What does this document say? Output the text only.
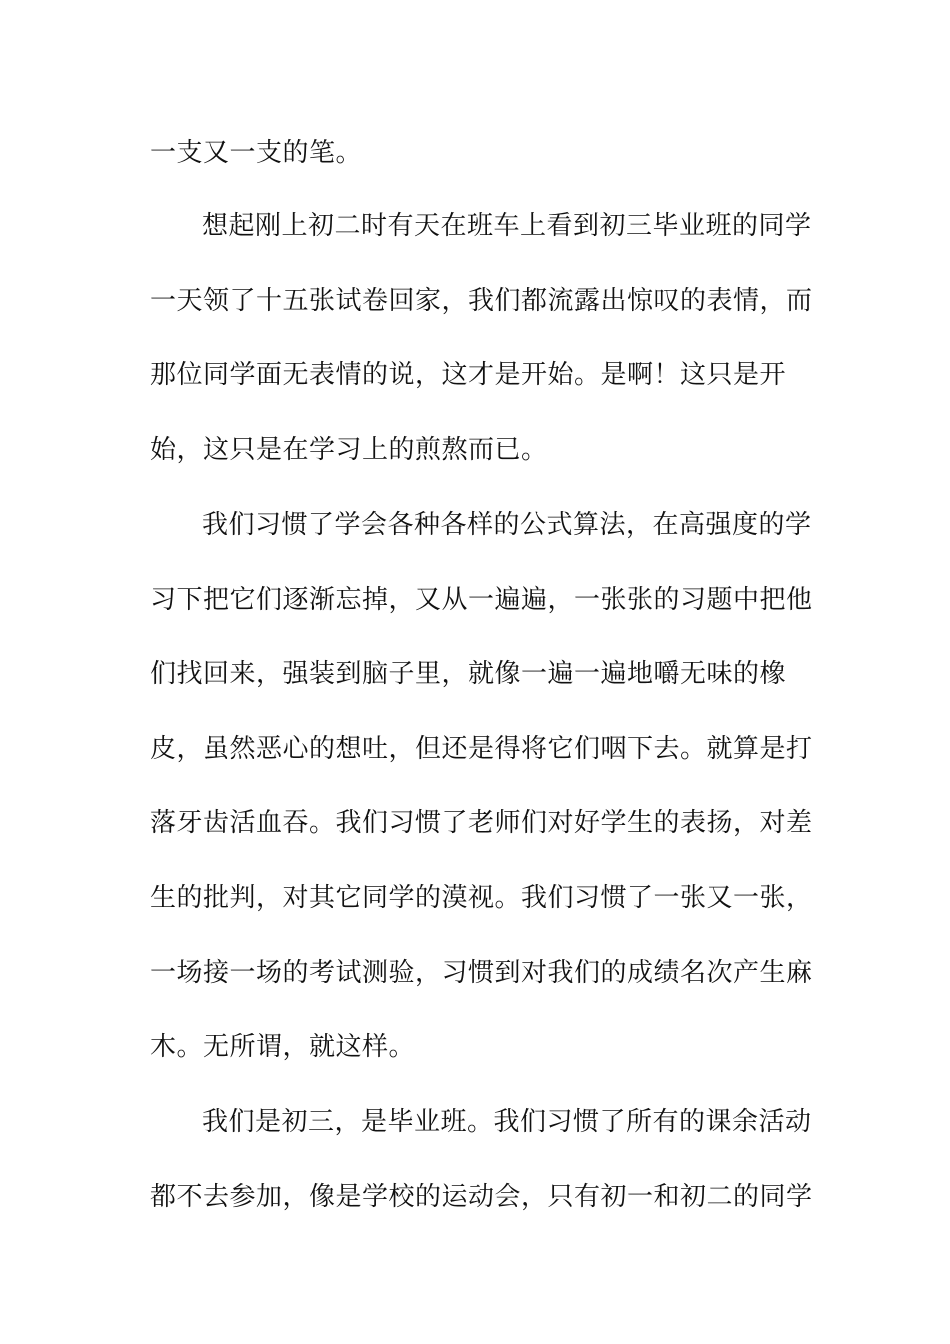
一支又一支的笔。
想起刚上初二时有天在班车上看到初三毕业班的同学
一天领了十五张试卷回家，我们都流露出惊叹的表情，而
那位同学面无表情的说，这才是开始。是啊！这只是开
始，这只是在学习上的煎熬而已。
我们习惯了学会各种各样的公式算法，在高强度的学
习下把它们逐渐忘掉，又从一遍遍，一张张的习题中把他
们找回来，强装到脑子里，就像一遍一遍地嚼无味的橡
皮，虽然恶心的想吐，但还是得将它们咽下去。就算是打
落牙齿活血吞。我们习惯了老师们对好学生的表扬，对差
生的批判，对其它同学的漠视。我们习惯了一张又一张，
一场接一场的考试测验，习惯到对我们的成绩名次产生麻
木。无所谓，就这样。
我们是初三，是毕业班。我们习惯了所有的课余活动
都不去参加，像是学校的运动会，只有初一和初二的同学
